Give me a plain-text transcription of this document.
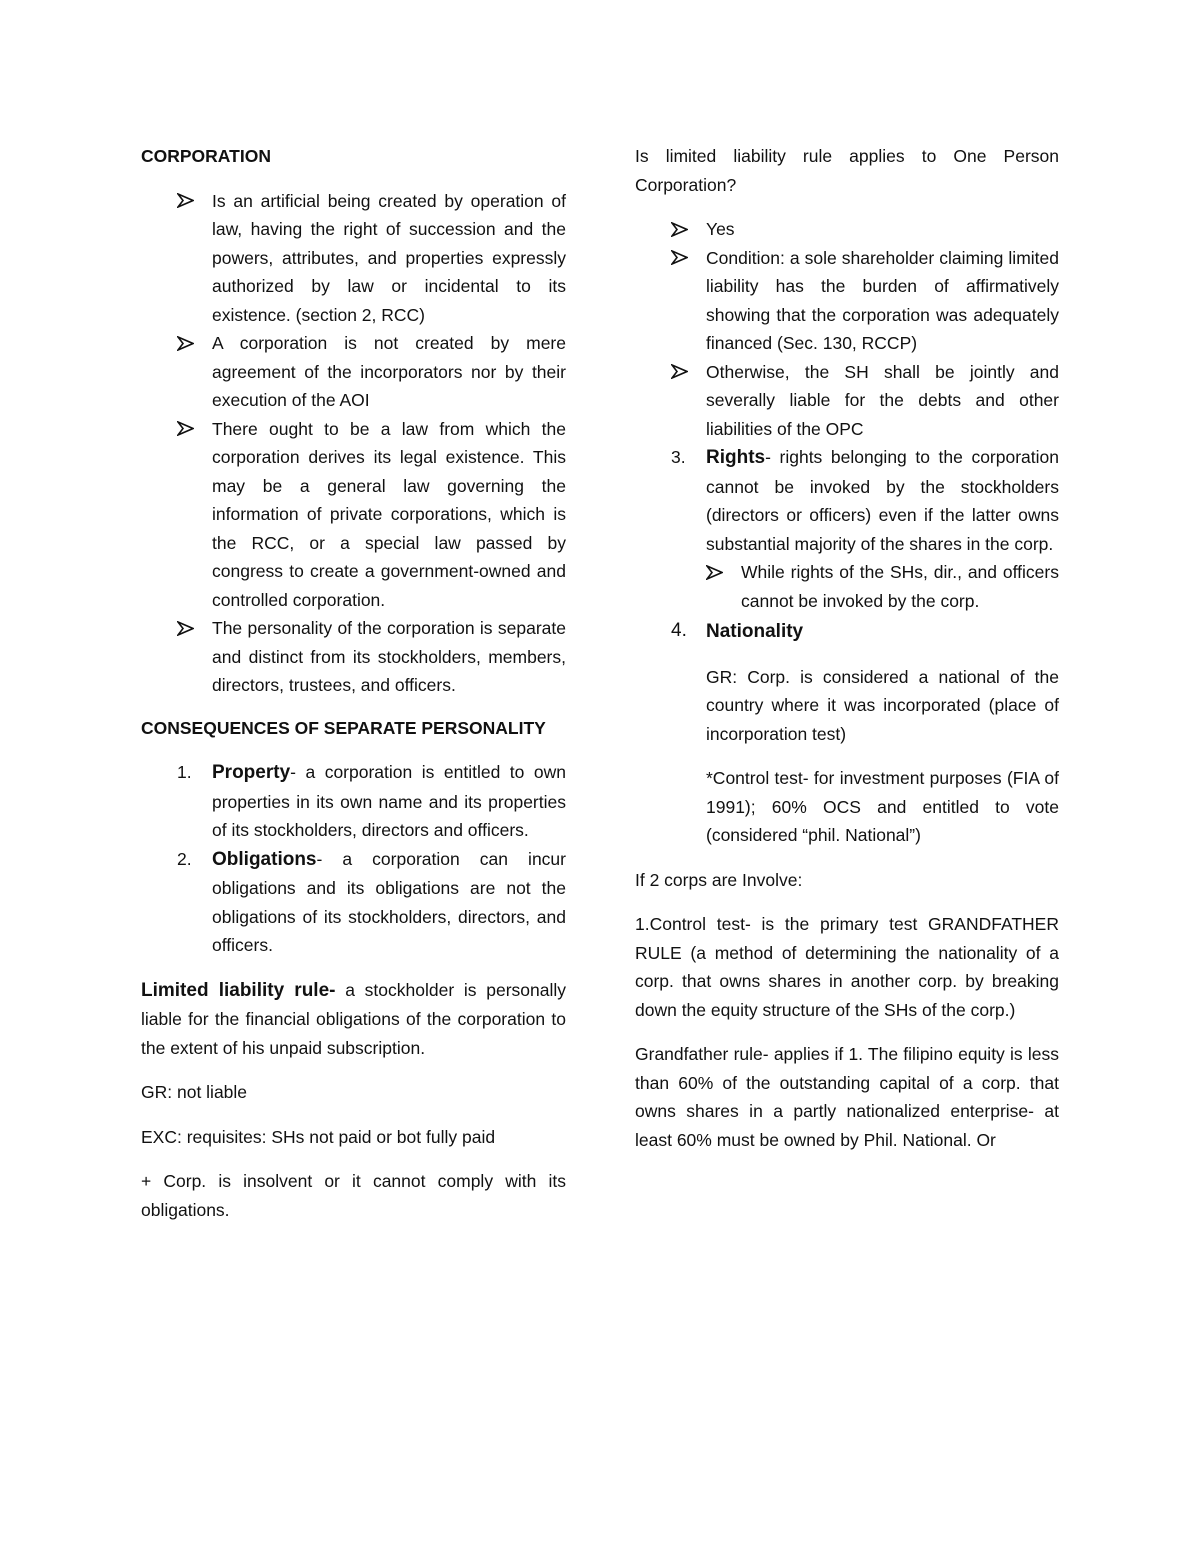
CORPORATION
Is an artificial being created by operation of law, having the right of succession and the powers, attributes, and properties expressly authorized by law or incidental to its existence. (section 2, RCC)
A corporation is not created by mere agreement of the incorporators nor by their execution of the AOI
There ought to be a law from which the corporation derives its legal existence. This may be a general law governing the information of private corporations, which is the RCC, or a special law passed by congress to create a government-owned and controlled corporation.
The personality of the corporation is separate and distinct from its stockholders, members, directors, trustees, and officers.
CONSEQUENCES OF SEPARATE PERSONALITY
1. Property- a corporation is entitled to own properties in its own name and its properties of its stockholders, directors and officers.
2. Obligations- a corporation can incur obligations and its obligations are not the obligations of its stockholders, directors, and officers.

Limited liability rule- a stockholder is personally liable for the financial obligations of the corporation to the extent of his unpaid subscription.

GR: not liable

EXC: requisites: SHs not paid or bot fully paid

+ Corp. is insolvent or it cannot comply with its obligations.

Is limited liability rule applies to One Person Corporation?

Yes
Condition: a sole shareholder claiming limited liability has the burden of affirmatively showing that the corporation was adequately financed (Sec. 130, RCCP)
Otherwise, the SH shall be jointly and severally liable for the debts and other liabilities of the OPC
3. Rights- rights belonging to the corporation cannot be invoked by the stockholders (directors or officers) even if the latter owns substantial majority of the shares in the corp.
While rights of the SHs, dir., and officers cannot be invoked by the corp.
4. Nationality

GR: Corp. is considered a national of the country where it was incorporated (place of incorporation test)

*Control test- for investment purposes (FIA of 1991); 60% OCS and entitled to vote (considered “phil. National”)

If 2 corps are Involve:

1.Control test- is the primary test GRANDFATHER RULE (a method of determining the nationality of a corp. that owns shares in another corp. by breaking down the equity structure of the SHs of the corp.)

Grandfather rule- applies if 1. The filipino equity is less than 60% of the outstanding capital of a corp. that owns shares in a partly nationalized enterprise- at least 60% must be owned by Phil. National. Or
